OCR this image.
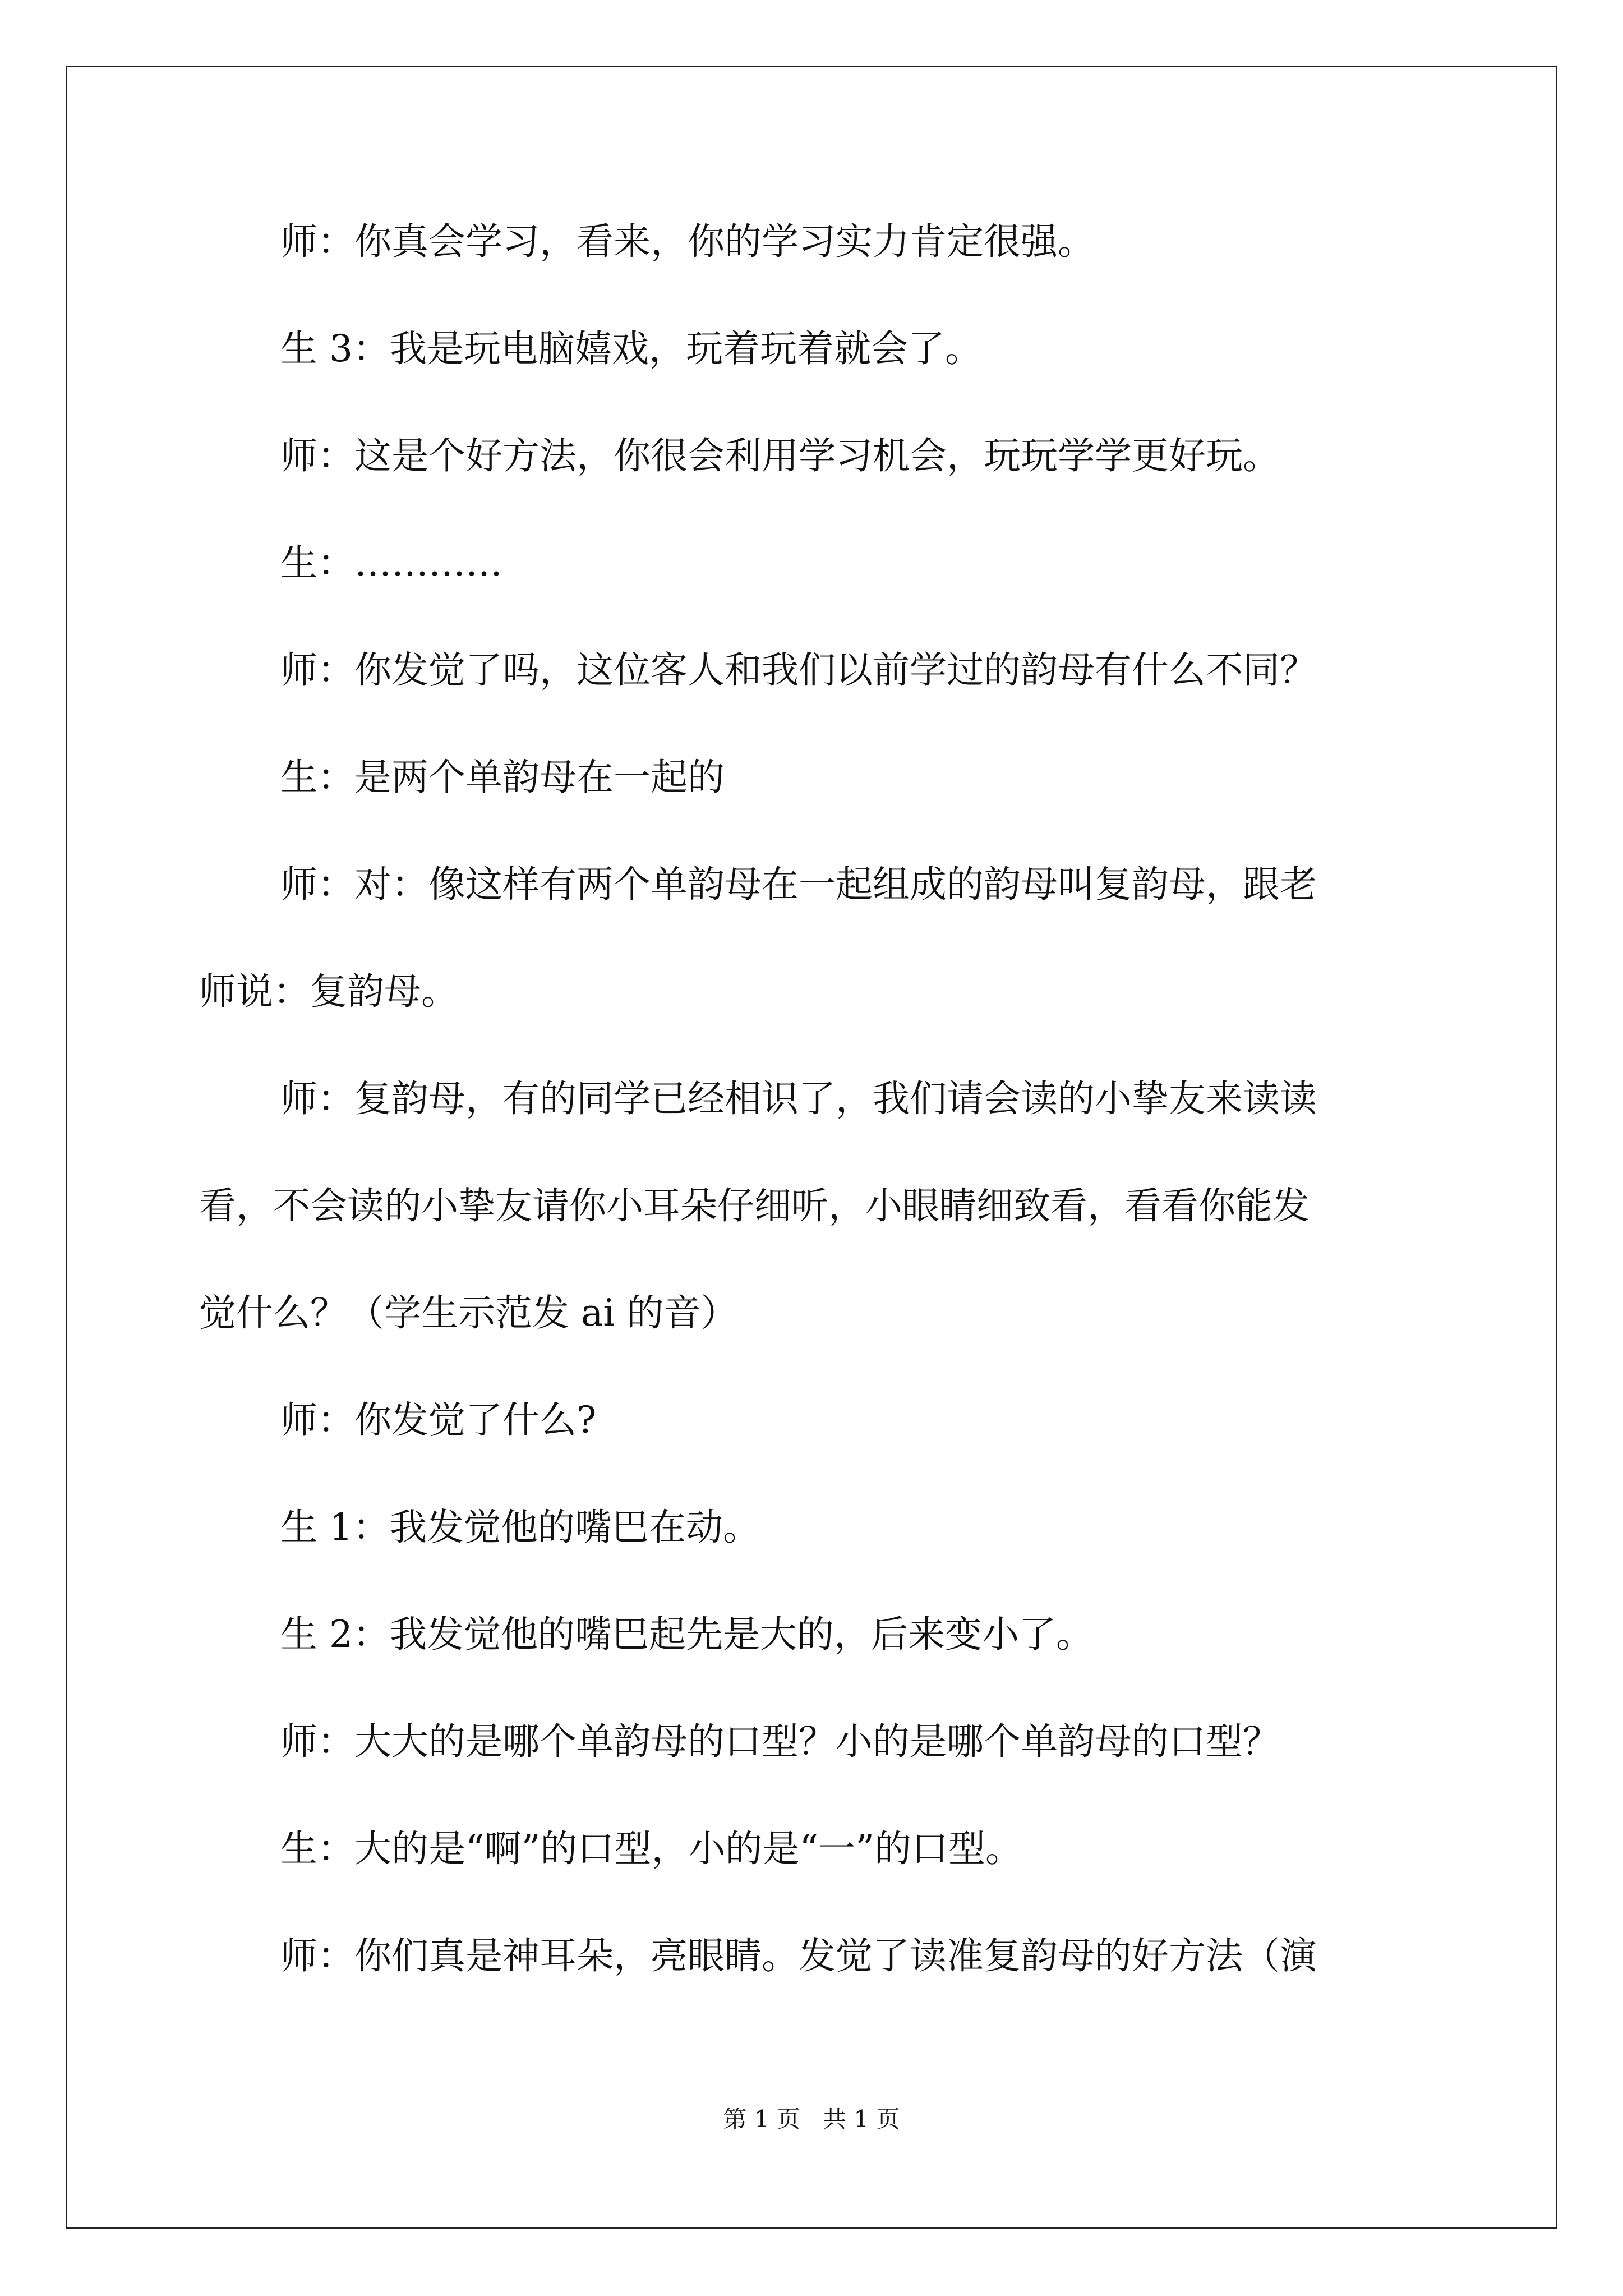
师：你真会学习，看来，你的学习实力肯定很强。
生 3：我是玩电脑嬉戏，玩着玩着就会了。
师：这是个好方法，你很会利用学习机会，玩玩学学更好玩。
生：…………
师：你发觉了吗，这位客人和我们以前学过的韵母有什么不同？
生：是两个单韵母在一起的
师：对：像这样有两个单韵母在一起组成的韵母叫复韵母，跟老
师说：复韵母。
师：复韵母，有的同学已经相识了，我们请会读的小挚友来读读
看，不会读的小挚友请你小耳朵仔细听，小眼睛细致看，看看你能发
觉什么？（学生示范发 ai 的音）
师：你发觉了什么?
生 1：我发觉他的嘴巴在动。
生 2：我发觉他的嘴巴起先是大的，后来变小了。
师：大大的是哪个单韵母的口型？小的是哪个单韵母的口型？
生：大的是“啊”的口型，小的是“一”的口型。
师：你们真是神耳朵，亮眼睛。发觉了读准复韵母的好方法（演
第 1 页   共 1 页
